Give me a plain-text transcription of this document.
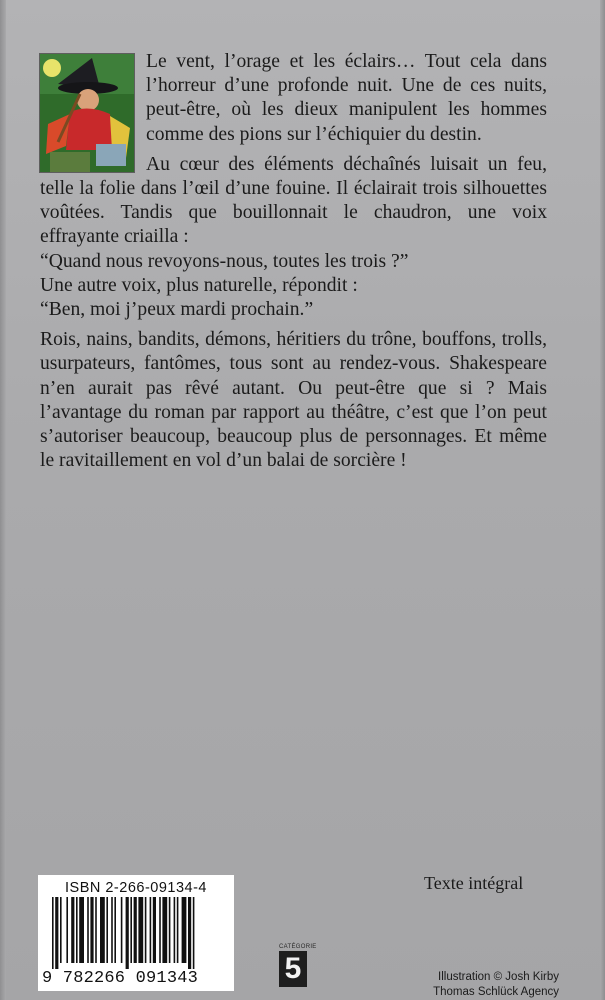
Le vent, l’orage et les éclairs… Tout cela dans l’horreur d’une profonde nuit. Une de ces nuits, peut-être, où les dieux manipulent les hommes comme des pions sur l’échiquier du destin.

Au cœur des éléments déchaînés luisait un feu, telle la folie dans l’œil d’une fouine. Il éclairait trois silhouettes voûtées. Tandis que bouillonnait le chaudron, une voix effrayante criailla :

“Quand nous revoyons-nous, toutes les trois ?”

Une autre voix, plus naturelle, répondit :

“Ben, moi j’peux mardi prochain.”

Rois, nains, bandits, démons, héritiers du trône, bouffons, trolls, usurpateurs, fantômes, tous sont au rendez-vous. Shakespeare n’en aurait pas rêvé autant. Ou peut-être que si ? Mais l’avantage du roman par rapport au théâtre, c’est que l’on peut s’autoriser beaucoup, beaucoup plus de personnages. Et même le ravitaillement en vol d’un balai de sorcière !

Texte intégral
ISBN 2-266-09134-4
9 782266 091343
CATÉGORIE
5	Illustration © Josh Kirby
Thomas Schlück Agency
